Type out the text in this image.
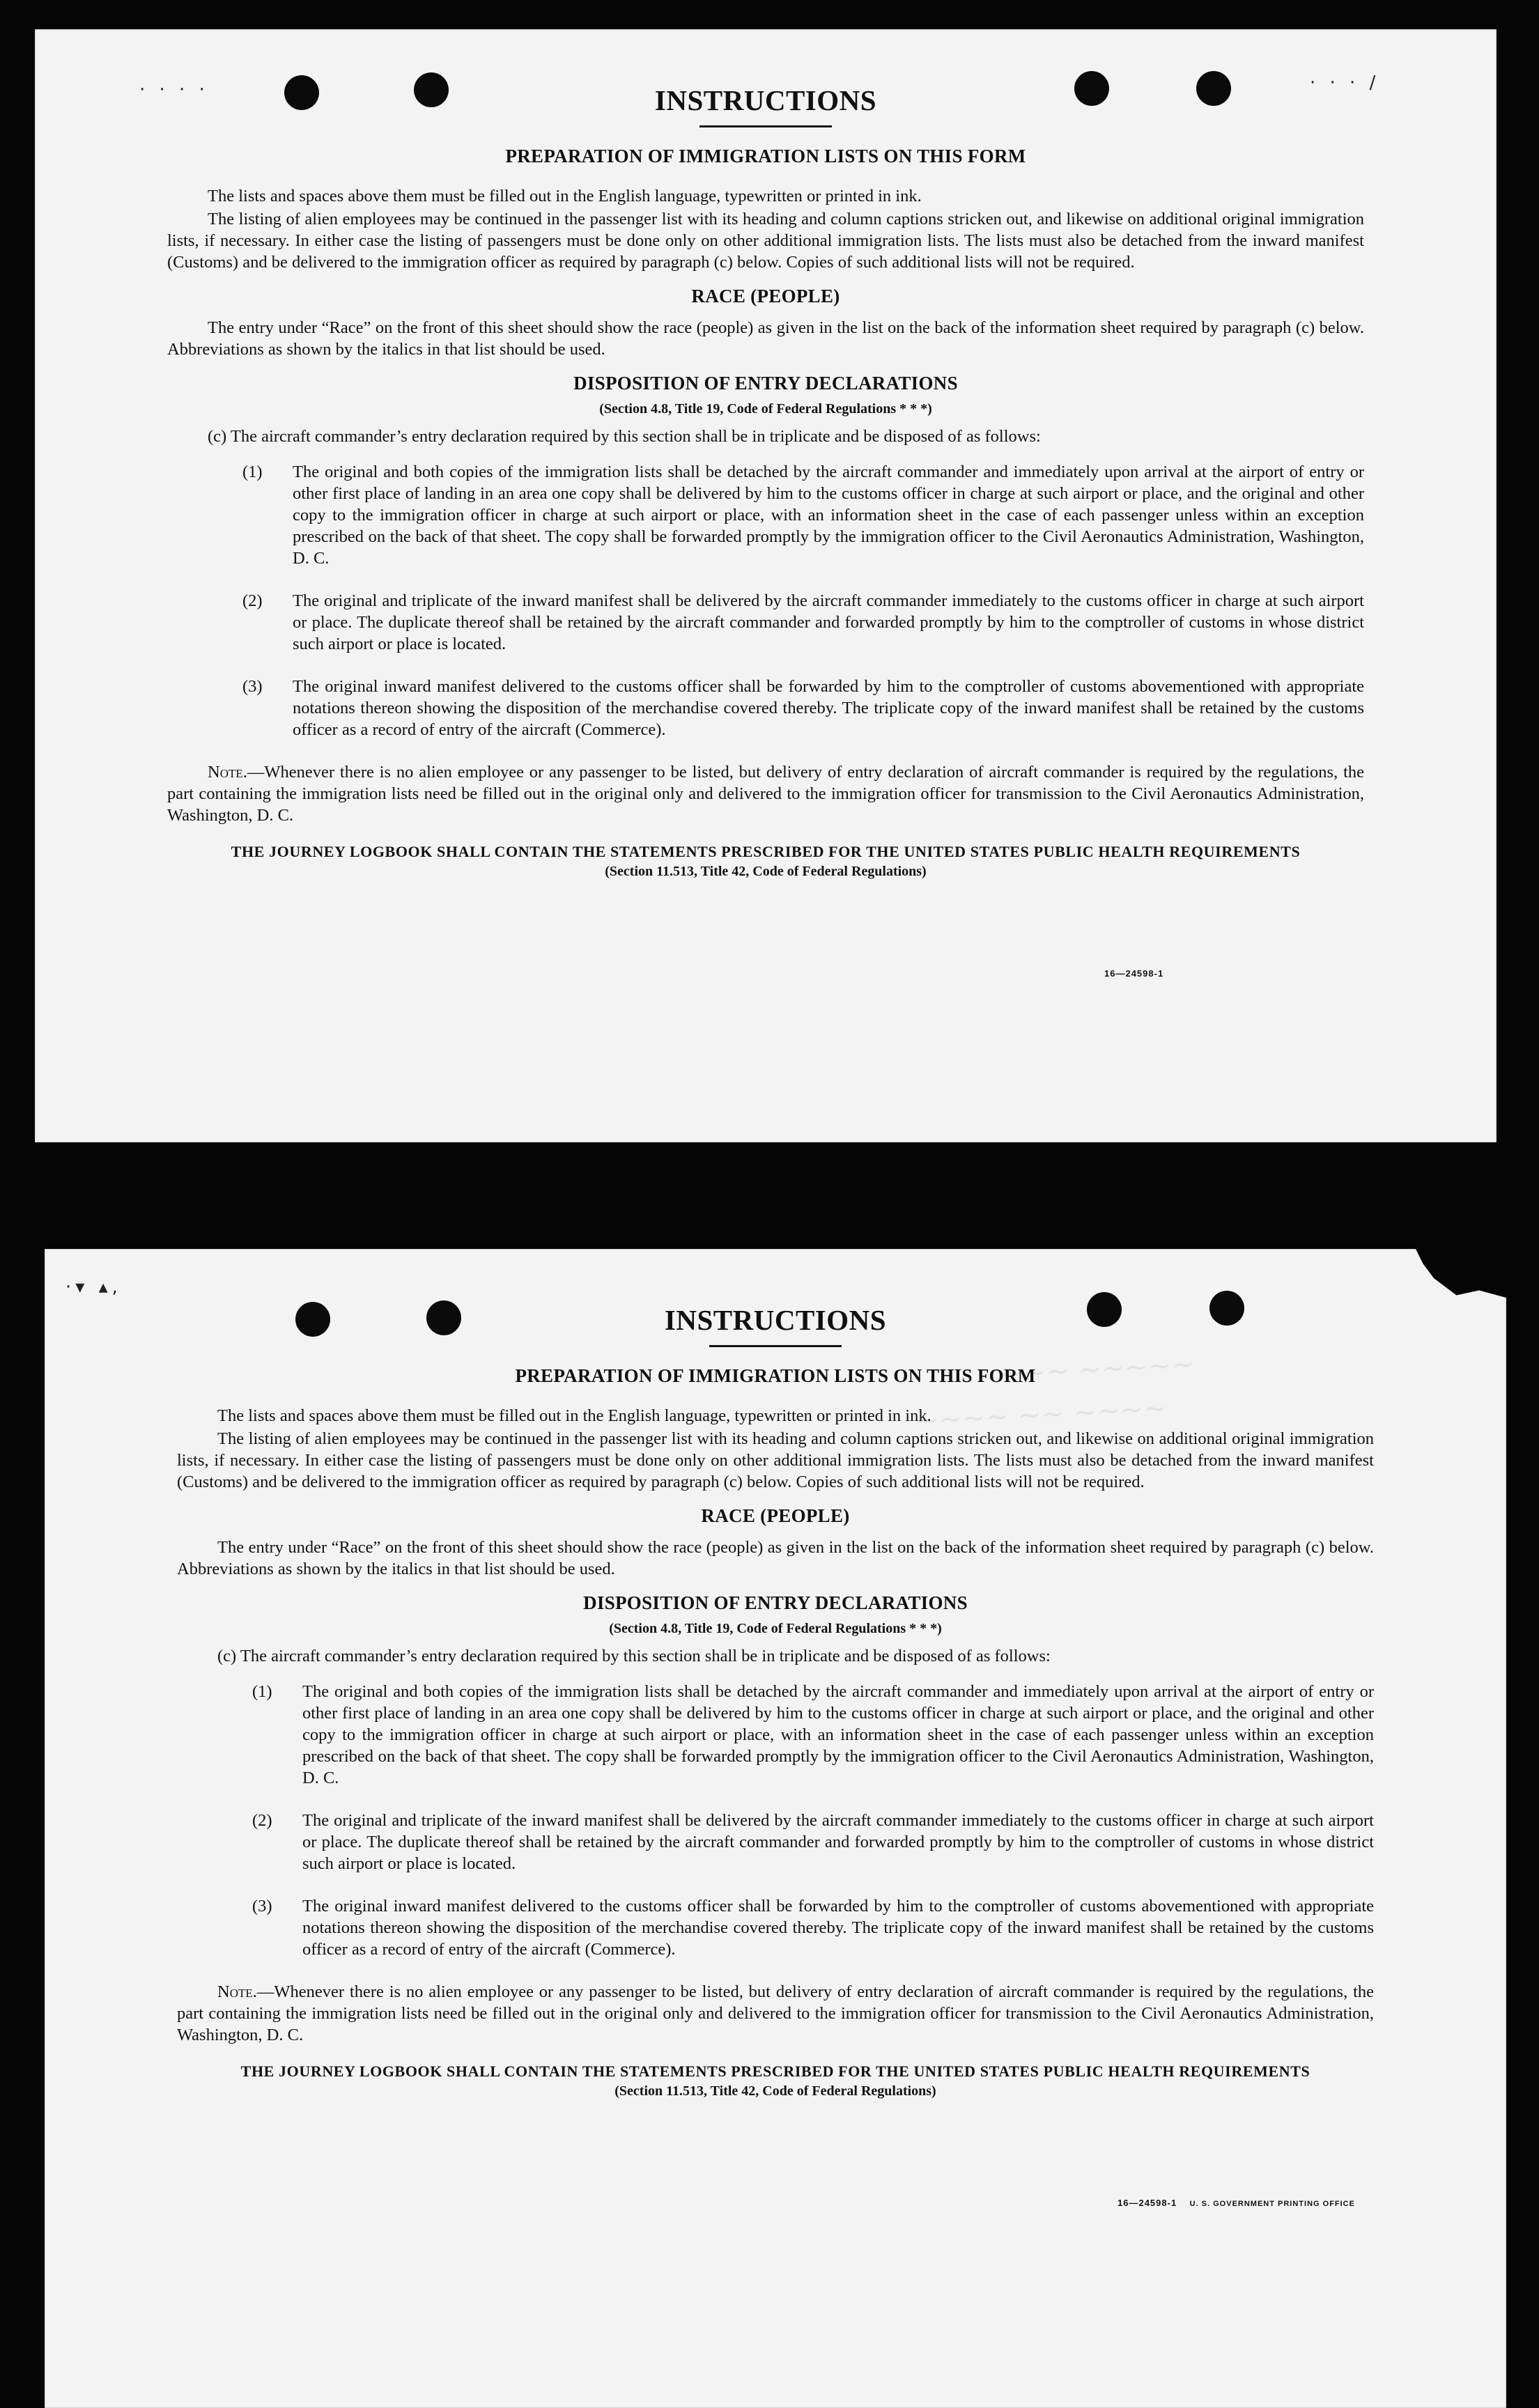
· · · ·	· · · /
INSTRUCTIONS
PREPARATION OF IMMIGRATION LISTS ON THIS FORM

The lists and spaces above them must be filled out in the English language, typewritten or printed in ink.

The listing of alien employees may be continued in the passenger list with its heading and column captions stricken out, and likewise on additional original immigration lists, if necessary. In either case the listing of passengers must be done only on other additional immigration lists. The lists must also be detached from the inward manifest (Customs) and be delivered to the immigration officer as required by paragraph (c) below. Copies of such additional lists will not be required.

RACE (PEOPLE)

The entry under “Race” on the front of this sheet should show the race (people) as given in the list on the back of the information sheet required by paragraph (c) below. Abbreviations as shown by the italics in that list should be used.

DISPOSITION OF ENTRY DECLARATIONS
(Section 4.8, Title 19, Code of Federal Regulations * * *)

(c) The aircraft commander’s entry declaration required by this section shall be in triplicate and be disposed of as follows:

(1) The original and both copies of the immigration lists shall be detached by the aircraft commander and immediately upon arrival at the airport of entry or other first place of landing in an area one copy shall be delivered by him to the customs officer in charge at such airport or place, and the original and other copy to the immigration officer in charge at such airport or place, with an information sheet in the case of each passenger unless within an exception prescribed on the back of that sheet. The copy shall be forwarded promptly by the immigration officer to the Civil Aeronautics Administration, Washington, D. C.
(2) The original and triplicate of the inward manifest shall be delivered by the aircraft commander immediately to the customs officer in charge at such airport or place. The duplicate thereof shall be retained by the aircraft commander and forwarded promptly by him to the comptroller of customs in whose district such airport or place is located.
(3) The original inward manifest delivered to the customs officer shall be forwarded by him to the comptroller of customs abovementioned with appropriate notations thereon showing the disposition of the merchandise covered thereby. The triplicate copy of the inward manifest shall be retained by the customs officer as a record of entry of the aircraft (Commerce).

Note.—Whenever there is no alien employee or any passenger to be listed, but delivery of entry declaration of aircraft commander is required by the regulations, the part containing the immigration lists need be filled out in the original only and delivered to the immigration officer for transmission to the Civil Aeronautics Administration, Washington, D. C.

THE JOURNEY LOGBOOK SHALL CONTAIN THE STATEMENTS PRESCRIBED FOR THE UNITED STATES PUBLIC HEALTH REQUIREMENTS
(Section 11.513, Title 42, Code of Federal Regulations)
16—24598-1
·▾ ▴,
~~~ ~~~~~
~~~~ ~~ ~~~~
INSTRUCTIONS
PREPARATION OF IMMIGRATION LISTS ON THIS FORM

The lists and spaces above them must be filled out in the English language, typewritten or printed in ink.

The listing of alien employees may be continued in the passenger list with its heading and column captions stricken out, and likewise on additional original immigration lists, if necessary. In either case the listing of passengers must be done only on other additional immigration lists. The lists must also be detached from the inward manifest (Customs) and be delivered to the immigration officer as required by paragraph (c) below. Copies of such additional lists will not be required.

RACE (PEOPLE)

The entry under “Race” on the front of this sheet should show the race (people) as given in the list on the back of the information sheet required by paragraph (c) below. Abbreviations as shown by the italics in that list should be used.

DISPOSITION OF ENTRY DECLARATIONS
(Section 4.8, Title 19, Code of Federal Regulations * * *)

(c) The aircraft commander’s entry declaration required by this section shall be in triplicate and be disposed of as follows:

(1) The original and both copies of the immigration lists shall be detached by the aircraft commander and immediately upon arrival at the airport of entry or other first place of landing in an area one copy shall be delivered by him to the customs officer in charge at such airport or place, and the original and other copy to the immigration officer in charge at such airport or place, with an information sheet in the case of each passenger unless within an exception prescribed on the back of that sheet. The copy shall be forwarded promptly by the immigration officer to the Civil Aeronautics Administration, Washington, D. C.
(2) The original and triplicate of the inward manifest shall be delivered by the aircraft commander immediately to the customs officer in charge at such airport or place. The duplicate thereof shall be retained by the aircraft commander and forwarded promptly by him to the comptroller of customs in whose district such airport or place is located.
(3) The original inward manifest delivered to the customs officer shall be forwarded by him to the comptroller of customs abovementioned with appropriate notations thereon showing the disposition of the merchandise covered thereby. The triplicate copy of the inward manifest shall be retained by the customs officer as a record of entry of the aircraft (Commerce).

Note.—Whenever there is no alien employee or any passenger to be listed, but delivery of entry declaration of aircraft commander is required by the regulations, the part containing the immigration lists need be filled out in the original only and delivered to the immigration officer for transmission to the Civil Aeronautics Administration, Washington, D. C.

THE JOURNEY LOGBOOK SHALL CONTAIN THE STATEMENTS PRESCRIBED FOR THE UNITED STATES PUBLIC HEALTH REQUIREMENTS
(Section 11.513, Title 42, Code of Federal Regulations)
16—24598-1 U. S. GOVERNMENT PRINTING OFFICE
